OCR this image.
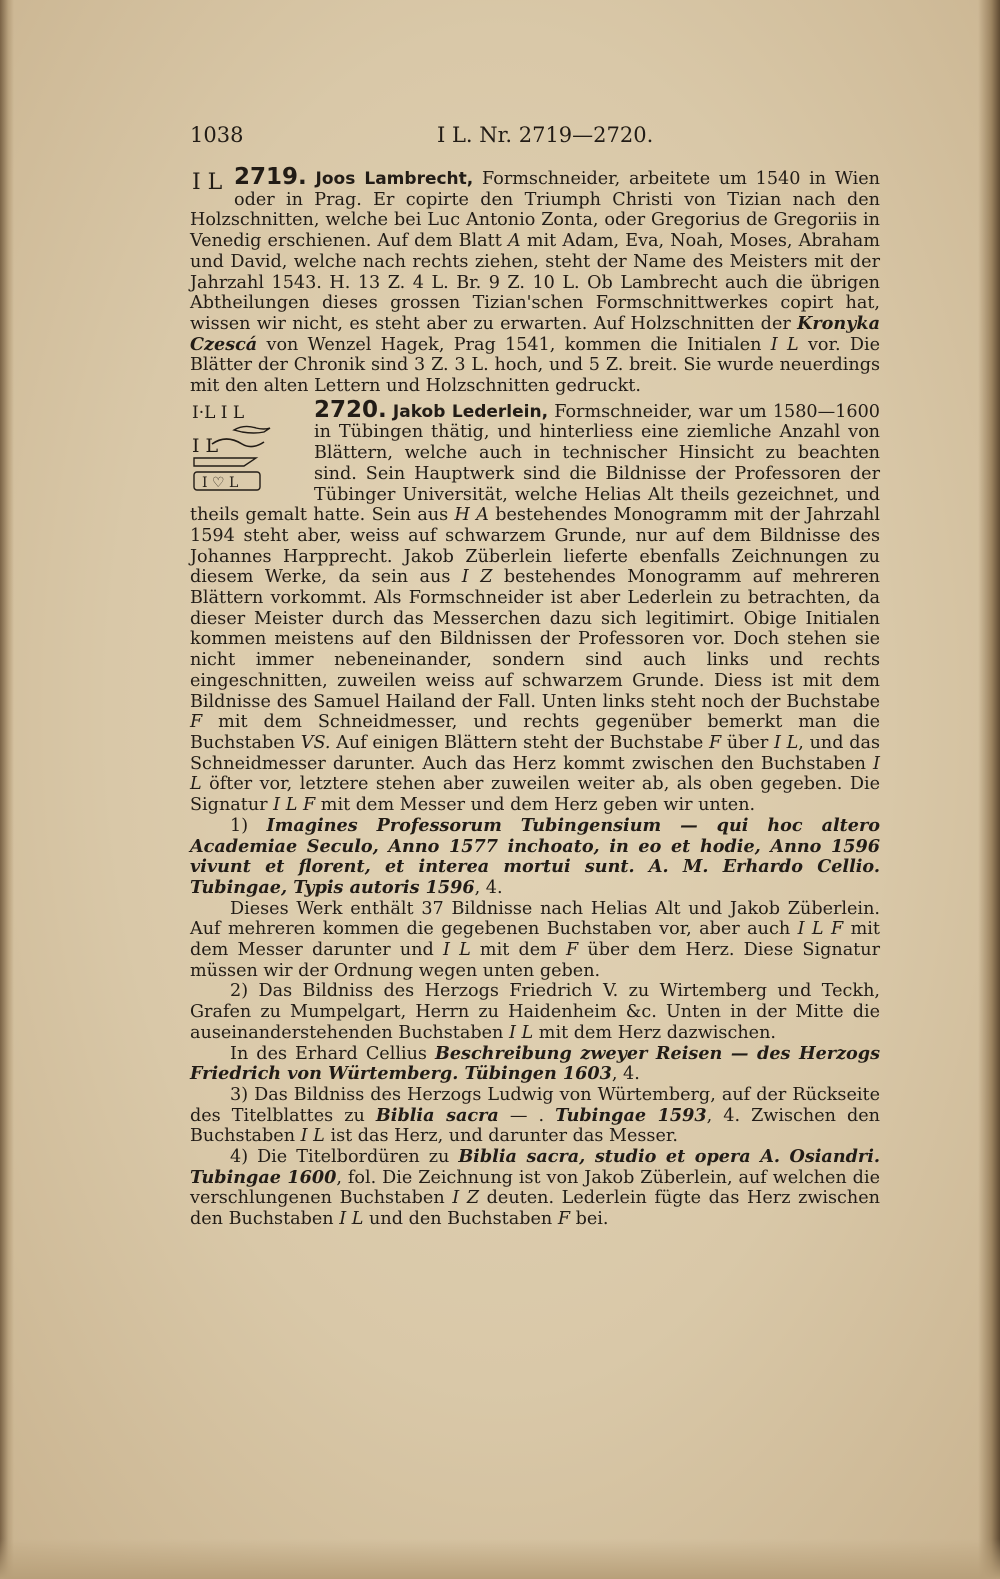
1038	I L. Nr. 2719—2720.
I L 2719. Joos Lambrecht, Formschneider, arbeitete um 1540 in Wien oder in Prag. Er copirte den Triumph Christi von Tizian nach den Holzschnitten, welche bei Luc Antonio Zonta, oder Gregorius de Gregoriis in Venedig erschienen. Auf dem Blatt A mit Adam, Eva, Noah, Moses, Abraham und David, welche nach rechts ziehen, steht der Name des Meisters mit der Jahrzahl 1543. H. 13 Z. 4 L. Br. 9 Z. 10 L. Ob Lambrecht auch die übrigen Abtheilungen dieses grossen Tizian'schen Formschnittwerkes copirt hat, wissen wir nicht, es steht aber zu erwarten. Auf Holzschnitten der Kronyka Czescá von Wenzel Hagek, Prag 1541, kommen die Initialen I L vor. Die Blätter der Chronik sind 3 Z. 3 L. hoch, und 5 Z. breit. Sie wurde neuerdings mit den alten Lettern und Holzschnitten gedruckt.
I·L I L
I L
I ♡ L
2720. Jakob Lederlein, Formschneider, war um 1580—1600 in Tübingen thätig, und hinterliess eine ziemliche Anzahl von Blättern, welche auch in technischer Hinsicht zu beachten sind. Sein Hauptwerk sind die Bildnisse der Professoren der Tübinger Universität, welche Helias Alt theils gezeichnet, und theils gemalt hatte. Sein aus H A bestehendes Monogramm mit der Jahrzahl 1594 steht aber, weiss auf schwarzem Grunde, nur auf dem Bildnisse des Johannes Harpprecht. Jakob Züberlein lieferte ebenfalls Zeichnungen zu diesem Werke, da sein aus I Z bestehendes Monogramm auf mehreren Blättern vorkommt. Als Formschneider ist aber Lederlein zu betrachten, da dieser Meister durch das Messerchen dazu sich legitimirt. Obige Initialen kommen meistens auf den Bildnissen der Professoren vor. Doch stehen sie nicht immer nebeneinander, sondern sind auch links und rechts eingeschnitten, zuweilen weiss auf schwarzem Grunde. Diess ist mit dem Bildnisse des Samuel Hailand der Fall. Unten links steht noch der Buchstabe F mit dem Schneidmesser, und rechts gegenüber bemerkt man die Buchstaben VS. Auf einigen Blättern steht der Buchstabe F über I L, und das Schneidmesser darunter. Auch das Herz kommt zwischen den Buchstaben I L öfter vor, letztere stehen aber zuweilen weiter ab, als oben gegeben. Die Signatur I L F mit dem Messer und dem Herz geben wir unten.
1) Imagines Professorum Tubingensium — qui hoc altero Academiae Seculo, Anno 1577 inchoato, in eo et hodie, Anno 1596 vivunt et florent, et interea mortui sunt. A. M. Erhardo Cellio. Tubingae, Typis autoris 1596, 4.
Dieses Werk enthält 37 Bildnisse nach Helias Alt und Jakob Züberlein. Auf mehreren kommen die gegebenen Buchstaben vor, aber auch I L F mit dem Messer darunter und I L mit dem F über dem Herz. Diese Signatur müssen wir der Ordnung wegen unten geben.
2) Das Bildniss des Herzogs Friedrich V. zu Wirtemberg und Teckh, Grafen zu Mumpelgart, Herrn zu Haidenheim &c. Unten in der Mitte die auseinanderstehenden Buchstaben I L mit dem Herz dazwischen.
In des Erhard Cellius Beschreibung zweyer Reisen — des Herzogs Friedrich von Würtemberg. Tübingen 1603, 4.
3) Das Bildniss des Herzogs Ludwig von Würtemberg, auf der Rückseite des Titelblattes zu Biblia sacra — . Tubingae 1593, 4. Zwischen den Buchstaben I L ist das Herz, und darunter das Messer.
4) Die Titelbordüren zu Biblia sacra, studio et opera A. Osiandri. Tubingae 1600, fol. Die Zeichnung ist von Jakob Züberlein, auf welchen die verschlungenen Buchstaben I Z deuten. Lederlein fügte das Herz zwischen den Buchstaben I L und den Buchstaben F bei.
